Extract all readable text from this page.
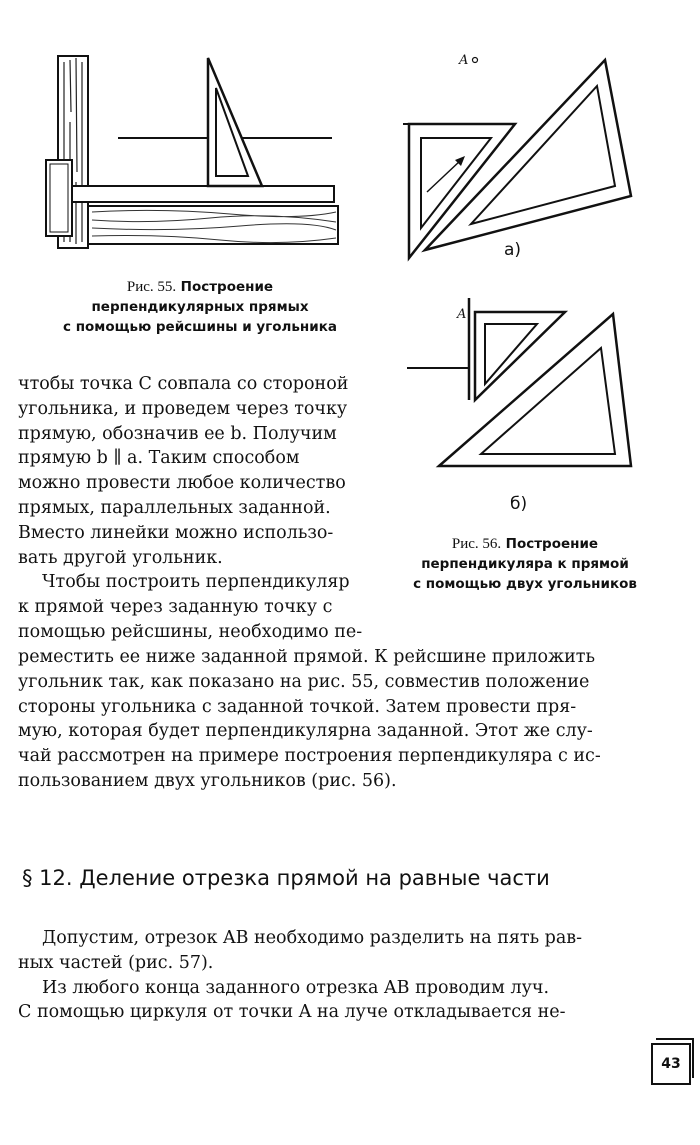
A
а)
A
б)
Рис. 55. Построение
перпендикулярных прямых
с помощью рейсшины и угольника
Рис. 56. Построение
перпендикуляра к прямой
с помощью двух угольников
чтобы точка C совпала со стороной
угольника, и проведем через точку
прямую, обозначив ее b. Получим
прямую b ∥ a. Таким способом
можно провести любое количество
прямых, параллельных заданной.
Вместо линейки можно использо-
вать другой угольник.
Чтобы построить перпендикуляр
к прямой через заданную точку с
помощью рейсшины, необходимо пе-
реместить ее ниже заданной прямой. К рейсшине приложить
угольник так, как показано на рис. 55, совместив положение
стороны угольника с заданной точкой. Затем провести пря-
мую, которая будет перпендикулярна заданной. Этот же слу-
чай рассмотрен на примере построения перпендикуляра с ис-
пользованием двух угольников (рис. 56).
§ 12. Деление отрезка прямой на равные части
Допустим, отрезок AB необходимо разделить на пять рав-
ных частей (рис. 57).
Из любого конца заданного отрезка AB проводим луч.
С помощью циркуля от точки A на луче откладывается не-
43
